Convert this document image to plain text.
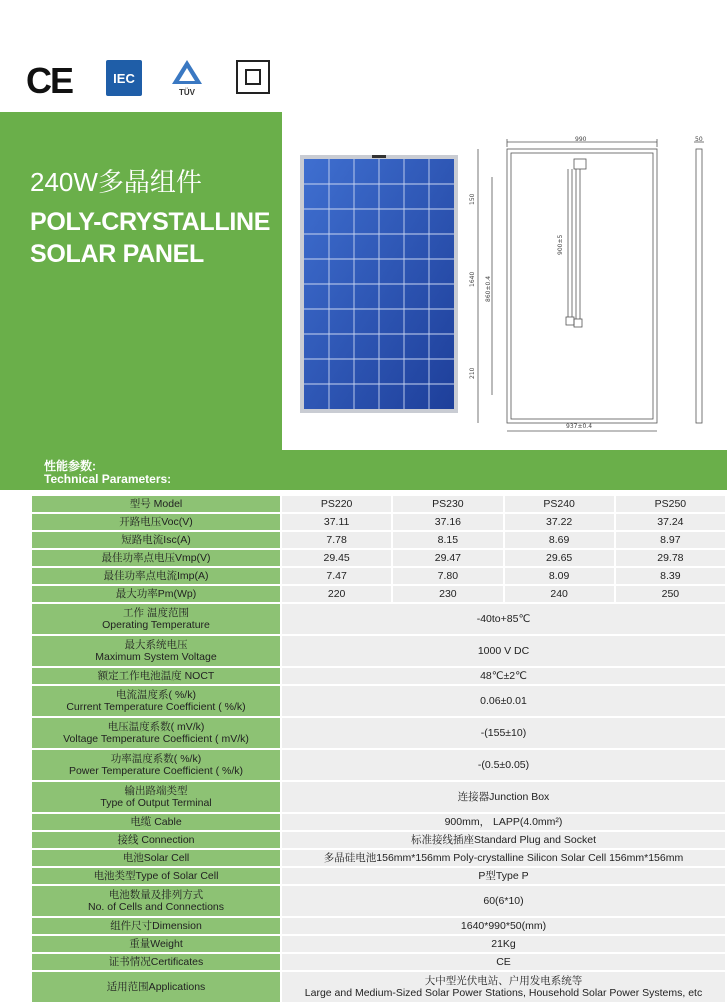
CE	IEC
TÜV
240W多晶组件
POLY-CRYSTALLINE
SOLAR PANEL
990	50
150
1640 860±0.4
900±5
210
937±0.4
性能参数:
Technical Parameters:
型号 Model	PS220	PS230	PS240	PS250
开路电压Voc(V)	37.11	37.16	37.22	37.24
短路电流Isc(A)	7.78	8.15	8.69	8.97
最佳功率点电压Vmp(V)	29.45	29.47	29.65	29.78
最佳功率点电流Imp(A)	7.47	7.80	8.09	8.39
最大功率Pm(Wp)	220	230	240	250

工作 温度范围
Operating Temperature	-40to+85℃			

最大系统电压
Maximum System Voltage	1000 V DC			

额定工作电池温度 NOCT	48℃±2℃			

电流温度系( %/k)
Current Temperature Coefficient ( %/k)	0.06±0.01			

电压温度系数( mV/k)
Voltage Temperature Coefficient ( mV/k)	-(155±10)			

功率温度系数( %/k)
Power Temperature Coefficient ( %/k)	-(0.5±0.05)			

输出路端类型
Type of Output Terminal	连接器Junction Box			

电缆 Cable	900mm， LAPP(4.0mm²)			

接线 Connection	标准接线插座Standard Plug and Socket			

电池Solar Cell	多晶硅电池156mm*156mm Poly-crystalline Silicon Solar Cell 156mm*156mm			

电池类型Type of Solar Cell	P型Type P			

电池数量及排列方式
No. of Cells and Connections	60(6*10)			

组件尺寸Dimension	1640*990*50(mm)			

重量Weight	21Kg			

证书情况Certificates	CE			

适用范围Applications	大中型光伏电站、户用发电系统等
Large and Medium-Sized Solar Power Stations, Household Solar Power Systems, etc			
